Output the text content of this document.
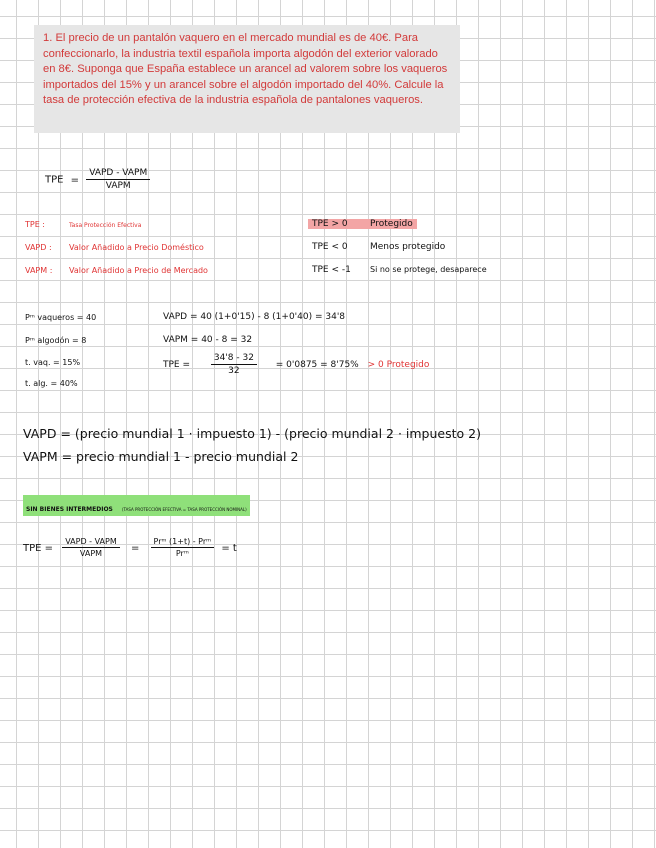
1. El precio de un pantalón vaquero en el mercado mundial es de 40€. Para confeccionarlo, la industria textil española importa algodón del exterior valorado en 8€. Suponga que España establece un arancel ad valorem sobre los vaqueros importados del 15% y un arancel sobre el algodón importado del 40%. Calcule la tasa de protección efectiva de la industria española de pantalones vaqueros.
TPE = $\frac{\text{VAPD - VAPM}}{\text{VAPM}}$
TPE :	Tasa Protección Efectiva
VAPD : Valor Añadido a Precio Doméstico
VAPM : Valor Añadido a Precio de Mercado
TPE > 0 Protegido
TPE < 0 Menos protegido
TPE < -1 Si no se protege, desaparece
Pᵐ vaqueros = 40
Pᵐ algodón = 8
t. vaq. = 15%
t. alg. = 40%
VAPD = 40 (1+0'15) - 8 (1+0'40) = 34'8
VAPM = 40 - 8 = 32
TPE = $\frac{34'8 - 32}{32} = 0'0875 = 8'75\% > 0$ Protegido
VAPD = (precio mundial 1 · impuesto 1) - (precio mundial 2 · impuesto 2)
VAPM = precio mundial 1 - precio mundial 2
SIN BIENES INTERMEDIOS (TASA PROTECCIÓN EFECTIVA = TASA PROTECCIÓN NOMINAL)
TPE = $\frac{\text{VAPD - VAPM}}{\text{VAPM}} = \frac{\text{Prᵐ (1+t) - Prᵐ}}{\text{Prᵐ}} = t$
